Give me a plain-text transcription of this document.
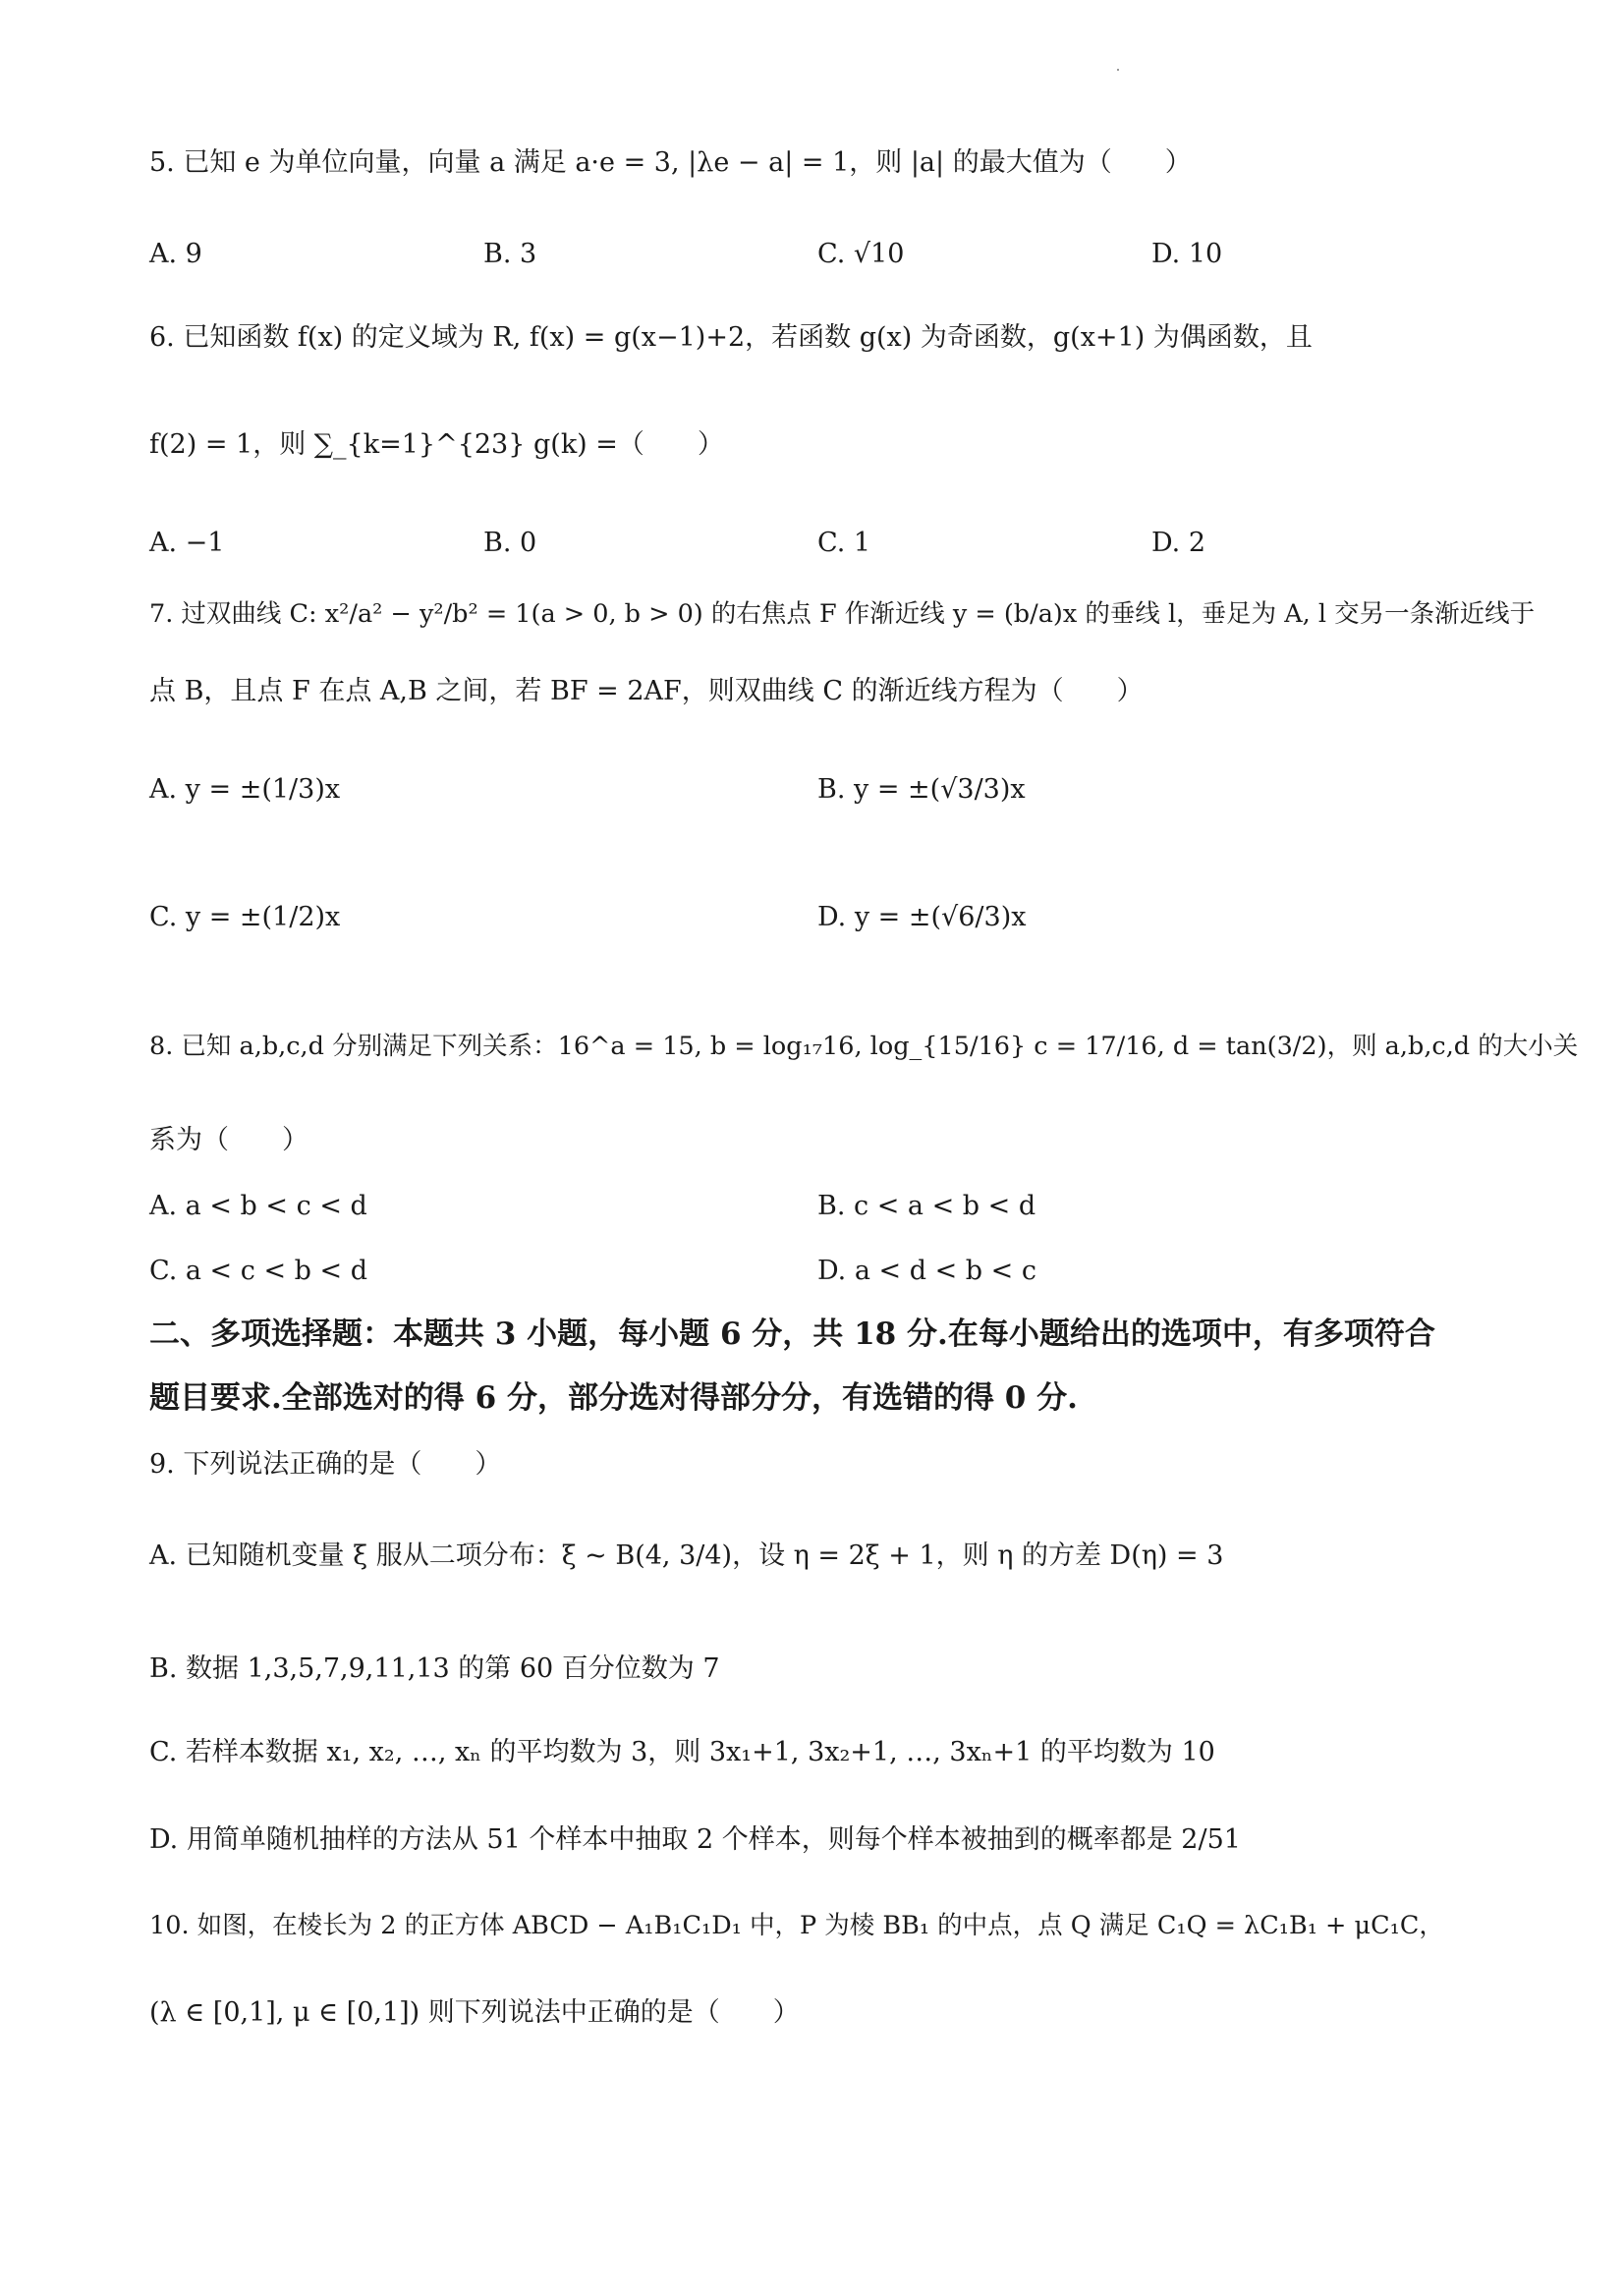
5. 已知 e 为单位向量，向量 a 满足 a·e = 3, |λe − a| = 1，则 |a| 的最大值为（　　）
A. 9	B. 3	C. √10	D. 10
6. 已知函数 f(x) 的定义域为 R, f(x) = g(x−1)+2，若函数 g(x) 为奇函数，g(x+1) 为偶函数，且
f(2) = 1，则 ∑_{k=1}^{23} g(k) =（　　）
A. −1	B. 0	C. 1	D. 2
7. 过双曲线 C: x²/a² − y²/b² = 1(a > 0, b > 0) 的右焦点 F 作渐近线 y = (b/a)x 的垂线 l，垂足为 A, l 交另一条渐近线于
点 B，且点 F 在点 A,B 之间，若 BF = 2AF，则双曲线 C 的渐近线方程为（　　）
A. y = ±(1/3)x	B. y = ±(√3/3)x
C. y = ±(1/2)x	D. y = ±(√6/3)x
8. 已知 a,b,c,d 分别满足下列关系：16^a = 15, b = log₁₇16, log_{15/16} c = 17/16, d = tan(3/2)，则 a,b,c,d 的大小关
系为（　　）
A. a < b < c < d	B. c < a < b < d
C. a < c < b < d	D. a < d < b < c
二、多项选择题：本题共 3 小题，每小题 6 分，共 18 分.在每小题给出的选项中，有多项符合
题目要求.全部选对的得 6 分，部分选对得部分分，有选错的得 0 分.
9. 下列说法正确的是（　　）
A. 已知随机变量 ξ 服从二项分布：ξ ~ B(4, 3/4)，设 η = 2ξ + 1，则 η 的方差 D(η) = 3
B. 数据 1,3,5,7,9,11,13 的第 60 百分位数为 7
C. 若样本数据 x₁, x₂, …, xₙ 的平均数为 3，则 3x₁+1, 3x₂+1, …, 3xₙ+1 的平均数为 10
D. 用简单随机抽样的方法从 51 个样本中抽取 2 个样本，则每个样本被抽到的概率都是 2/51
10. 如图，在棱长为 2 的正方体 ABCD − A₁B₁C₁D₁ 中，P 为棱 BB₁ 的中点，点 Q 满足 C₁Q = λC₁B₁ + μC₁C，
(λ ∈ [0,1], μ ∈ [0,1]) 则下列说法中正确的是（　　）
